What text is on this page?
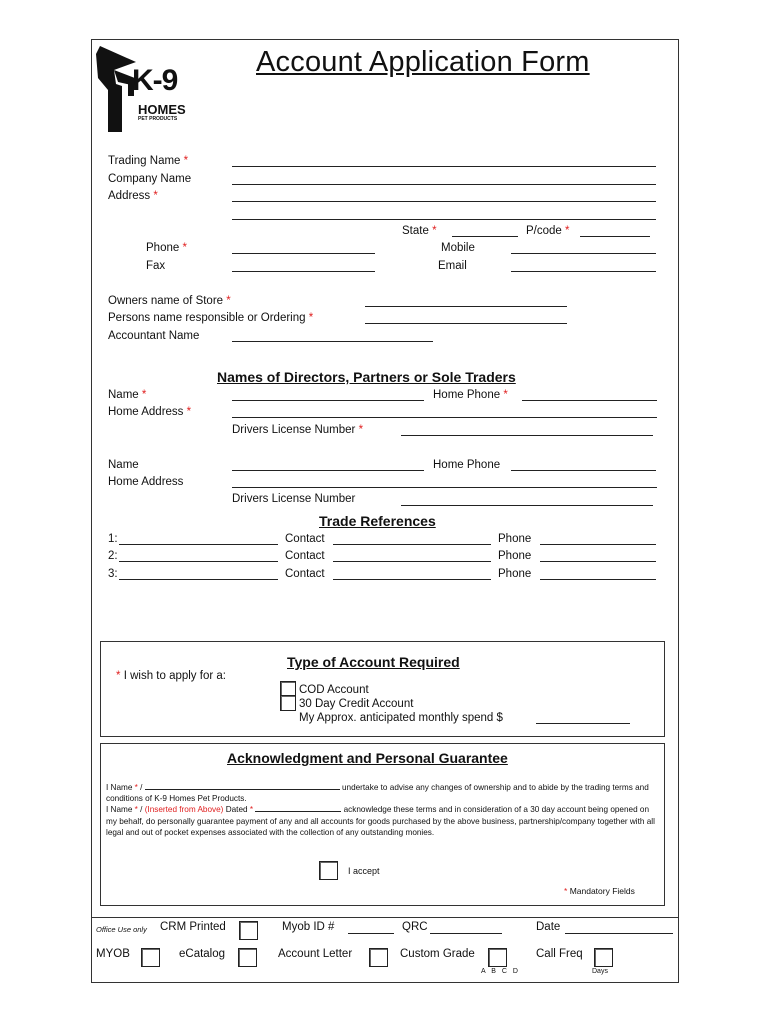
K-9
HOMES
PET PRODUCTS
Account Application Form
Trading Name *
Company Name
Address *
State *	P/code *
Phone *	Mobile
Fax	Email
Owners name of Store *
Persons name responsible or Ordering *
Accountant Name
Names of Directors, Partners or Sole Traders
Name *	Home Phone *
Home Address *
Drivers License Number *
Name	Home Phone
Home Address
Drivers License Number
Trade References
1:	Contact	Phone
2:	Contact	Phone
3:	Contact	Phone
Type of Account Required
* I wish to apply for a:
COD Account
30 Day Credit Account
My Approx. anticipated monthly spend $
Acknowledgment and Personal Guarantee
I Name * /	undertake to advise any changes of ownership and to abide by the trading terms and conditions of K-9 Homes Pet Products.
I Name * / (Inserted from Above) Dated *	acknowledge these terms and in consideration of a 30 day account being opened on my behalf, do personally guarantee payment of any and all accounts for goods purchased by the above business, partnership/company together with all legal and out of pocket expenses associated with the collection of any outstanding monies.
I accept
* Mandatory Fields
Office Use only CRM Printed	Myob ID #	QRC	Date
MYOB	eCatalog	Account Letter	Custom Grade
A B C D
Call Freq
Days
